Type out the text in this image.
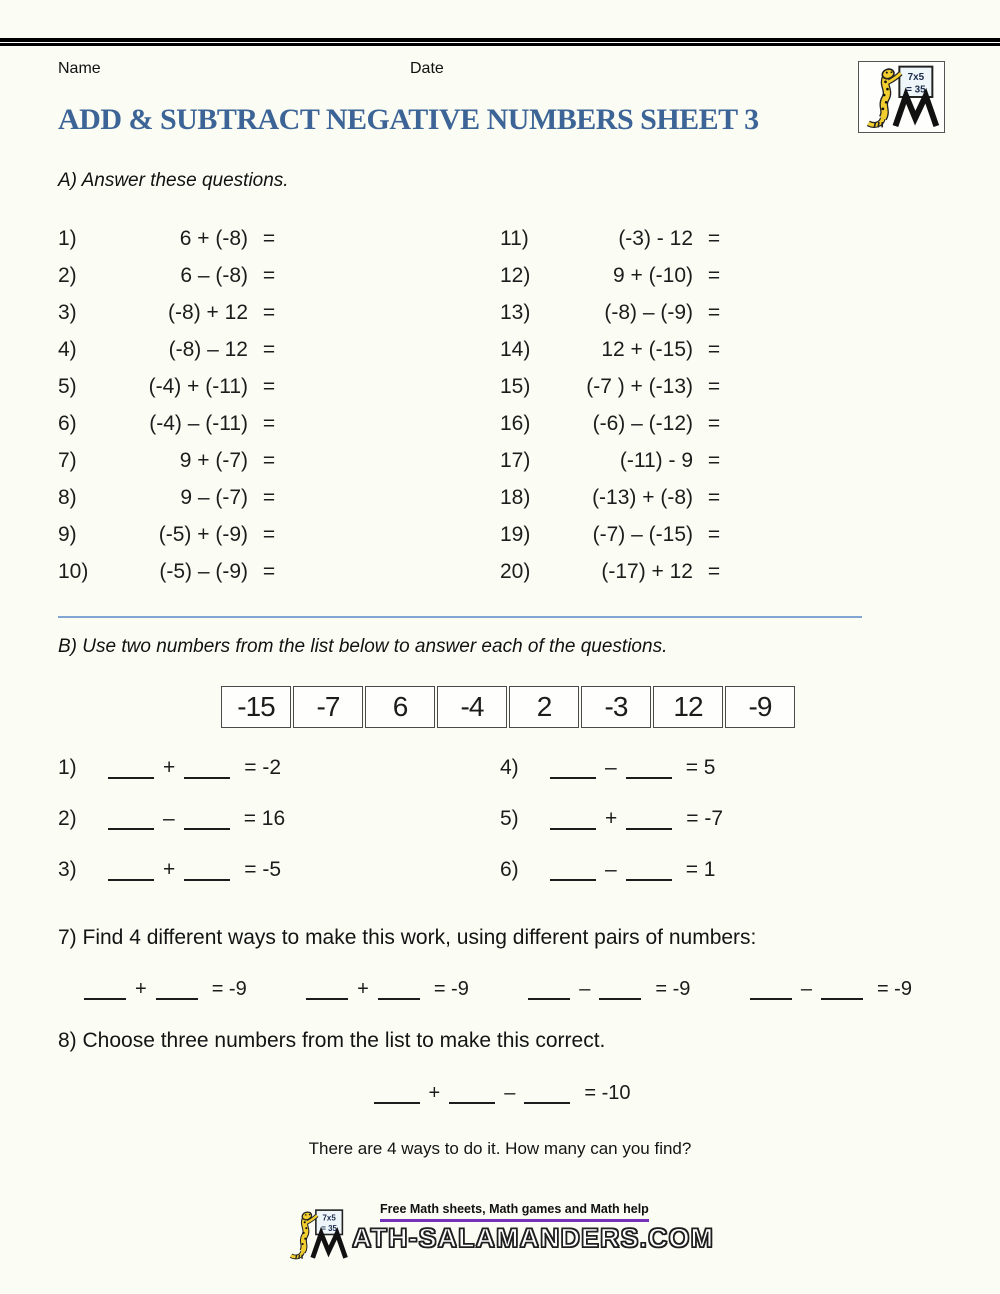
Name	Date
ADD & SUBTRACT NEGATIVE NUMBERS SHEET 3
A) Answer these questions.
1)	6 + (-8) =
2)	6 – (-8) =
3)	(-8) + 12 =
4)	(-8) – 12 =
5)	(-4) + (-11) =
6)	(-4) – (-11) =
7)	9 + (-7) =
8)	9 – (-7) =
9)	(-5) + (-9) =
10)	(-5) – (-9) =
11)	(-3) - 12 =
12)	9 + (-10) =
13)	(-8) – (-9) =
14)	12 + (-15) =
15)	(-7 ) + (-13) =
16)	(-6) – (-12) =
17)	(-11) - 9 =
18)	(-13) + (-8) =
19)	(-7) – (-15) =
20)	(-17) + 12 =
B) Use two numbers from the list below to answer each of the questions.
-15	-7	6	-4	2	-3	12	-9
1)	+	= -2
2)	–	= 16
3)	+	= -5
4)	–	= 5
5)	+	= -7
6)	–	= 1
7) Find 4 different ways to make this work, using different pairs of numbers:
+	= -9	+	= -9	–	= -9	–	= -9
8) Choose three numbers from the list to make this correct.
+	–	= -10
There are 4 ways to do it. How many can you find?
Free Math sheets, Math games and Math help
ATH-SALAMANDERS.COM
